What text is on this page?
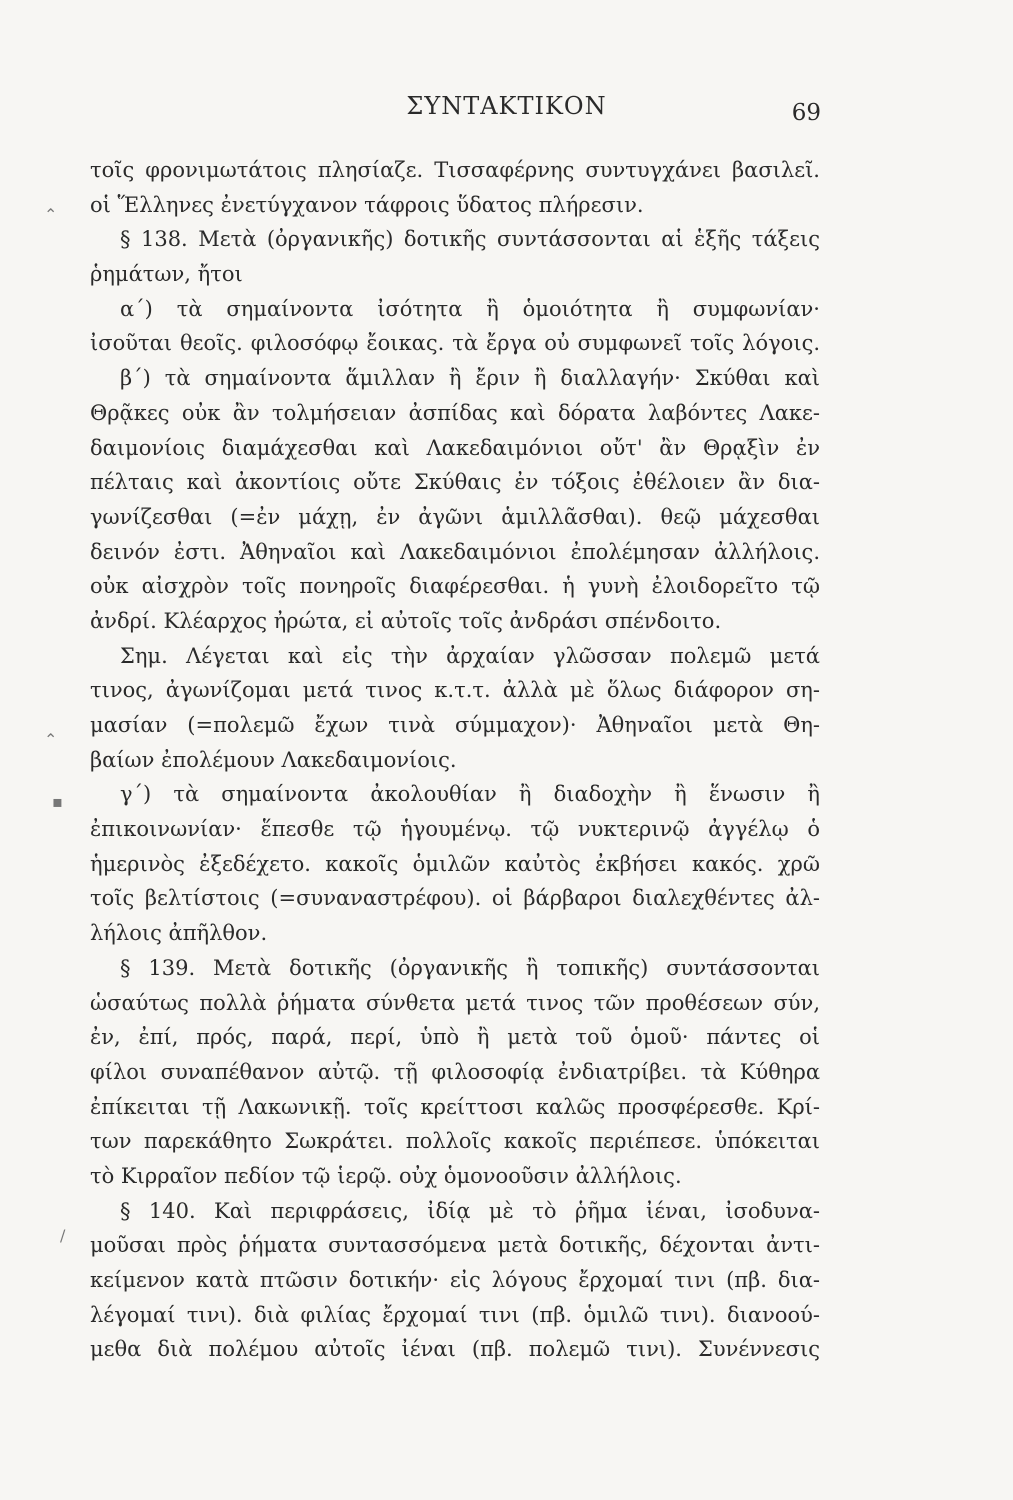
ΣΥΝΤΑΚΤΙΚΟΝ	69
⌃
⌃
▪
/
τοῖς φρονιμωτάτοις πλησίαζε. Τισσαφέρνης συντυγχάνει βασιλεῖ.
οἱ Ἕλληνες ἐνετύγχανον τάφροις ὕδατος πλήρεσιν.
§ 138. Μετὰ (ὀργανικῆς) δοτικῆς συντάσσονται αἱ ἑξῆς τάξεις
ῥημάτων, ἤτοι
α΄) τὰ σημαίνοντα ἰσότητα ἢ ὁμοιότητα ἢ συμφωνίαν·
ἰσοῦται θεοῖς. φιλοσόφῳ ἔοικας. τὰ ἔργα οὐ συμφωνεῖ τοῖς λόγοις.
β΄) τὰ σημαίνοντα ἅμιλλαν ἢ ἔριν ἢ διαλλαγήν· Σκύθαι καὶ
Θρᾷκες οὐκ ἂν τολμήσειαν ἀσπίδας καὶ δόρατα λαβόντες Λακε-
δαιμονίοις διαμάχεσθαι καὶ Λακεδαιμόνιοι οὔτ' ἂν Θρᾳξὶν ἐν
πέλταις καὶ ἀκοντίοις οὔτε Σκύθαις ἐν τόξοις ἐθέλοιεν ἂν δια-
γωνίζεσθαι (=ἐν μάχῃ, ἐν ἀγῶνι ἁμιλλᾶσθαι). θεῷ μάχεσθαι
δεινόν ἐστι. Ἀθηναῖοι καὶ Λακεδαιμόνιοι ἐπολέμησαν ἀλλήλοις.
οὐκ αἰσχρὸν τοῖς πονηροῖς διαφέρεσθαι. ἡ γυνὴ ἐλοιδορεῖτο τῷ
ἀνδρί. Κλέαρχος ἠρώτα, εἰ αὐτοῖς τοῖς ἀνδράσι σπένδοιτο.
Σημ. Λέγεται καὶ εἰς τὴν ἀρχαίαν γλῶσσαν πολεμῶ μετά
τινος, ἀγωνίζομαι μετά τινος κ.τ.τ. ἀλλὰ μὲ ὅλως διάφορον ση-
μασίαν (=πολεμῶ ἔχων τινὰ σύμμαχον)· Ἀθηναῖοι μετὰ Θη-
βαίων ἐπολέμουν Λακεδαιμονίοις.
γ΄) τὰ σημαίνοντα ἀκολουθίαν ἢ διαδοχὴν ἢ ἕνωσιν ἢ
ἐπικοινωνίαν· ἕπεσθε τῷ ἡγουμένῳ. τῷ νυκτερινῷ ἀγγέλῳ ὁ
ἡμερινὸς ἐξεδέχετο. κακοῖς ὁμιλῶν καὐτὸς ἐκβήσει κακός. χρῶ
τοῖς βελτίστοις (=συναναστρέφου). οἱ βάρβαροι διαλεχθέντες ἀλ-
λήλοις ἀπῆλθον.
§ 139. Μετὰ δοτικῆς (ὀργανικῆς ἢ τοπικῆς) συντάσσονται
ὡσαύτως πολλὰ ῥήματα σύνθετα μετά τινος τῶν προθέσεων σύν,
ἐν, ἐπί, πρός, παρά, περί, ὑπὸ ἢ μετὰ τοῦ ὁμοῦ· πάντες οἱ
φίλοι συναπέθανον αὐτῷ. τῇ φιλοσοφίᾳ ἐνδιατρίβει. τὰ Κύθηρα
ἐπίκειται τῇ Λακωνικῇ. τοῖς κρείττοσι καλῶς προσφέρεσθε. Κρί-
των παρεκάθητο Σωκράτει. πολλοῖς κακοῖς περιέπεσε. ὑπόκειται
τὸ Κιρραῖον πεδίον τῷ ἱερῷ. οὐχ ὁμονοοῦσιν ἀλλήλοις.
§ 140. Καὶ περιφράσεις, ἰδίᾳ μὲ τὸ ῥῆμα ἰέναι, ἰσοδυνα-
μοῦσαι πρὸς ῥήματα συντασσόμενα μετὰ δοτικῆς, δέχονται ἀντι-
κείμενον κατὰ πτῶσιν δοτικήν· εἰς λόγους ἔρχομαί τινι (πβ. δια-
λέγομαί τινι). διὰ φιλίας ἔρχομαί τινι (πβ. ὁμιλῶ τινι). διανοού-
μεθα διὰ πολέμου αὐτοῖς ἰέναι (πβ. πολεμῶ τινι). Συνέννεσις
